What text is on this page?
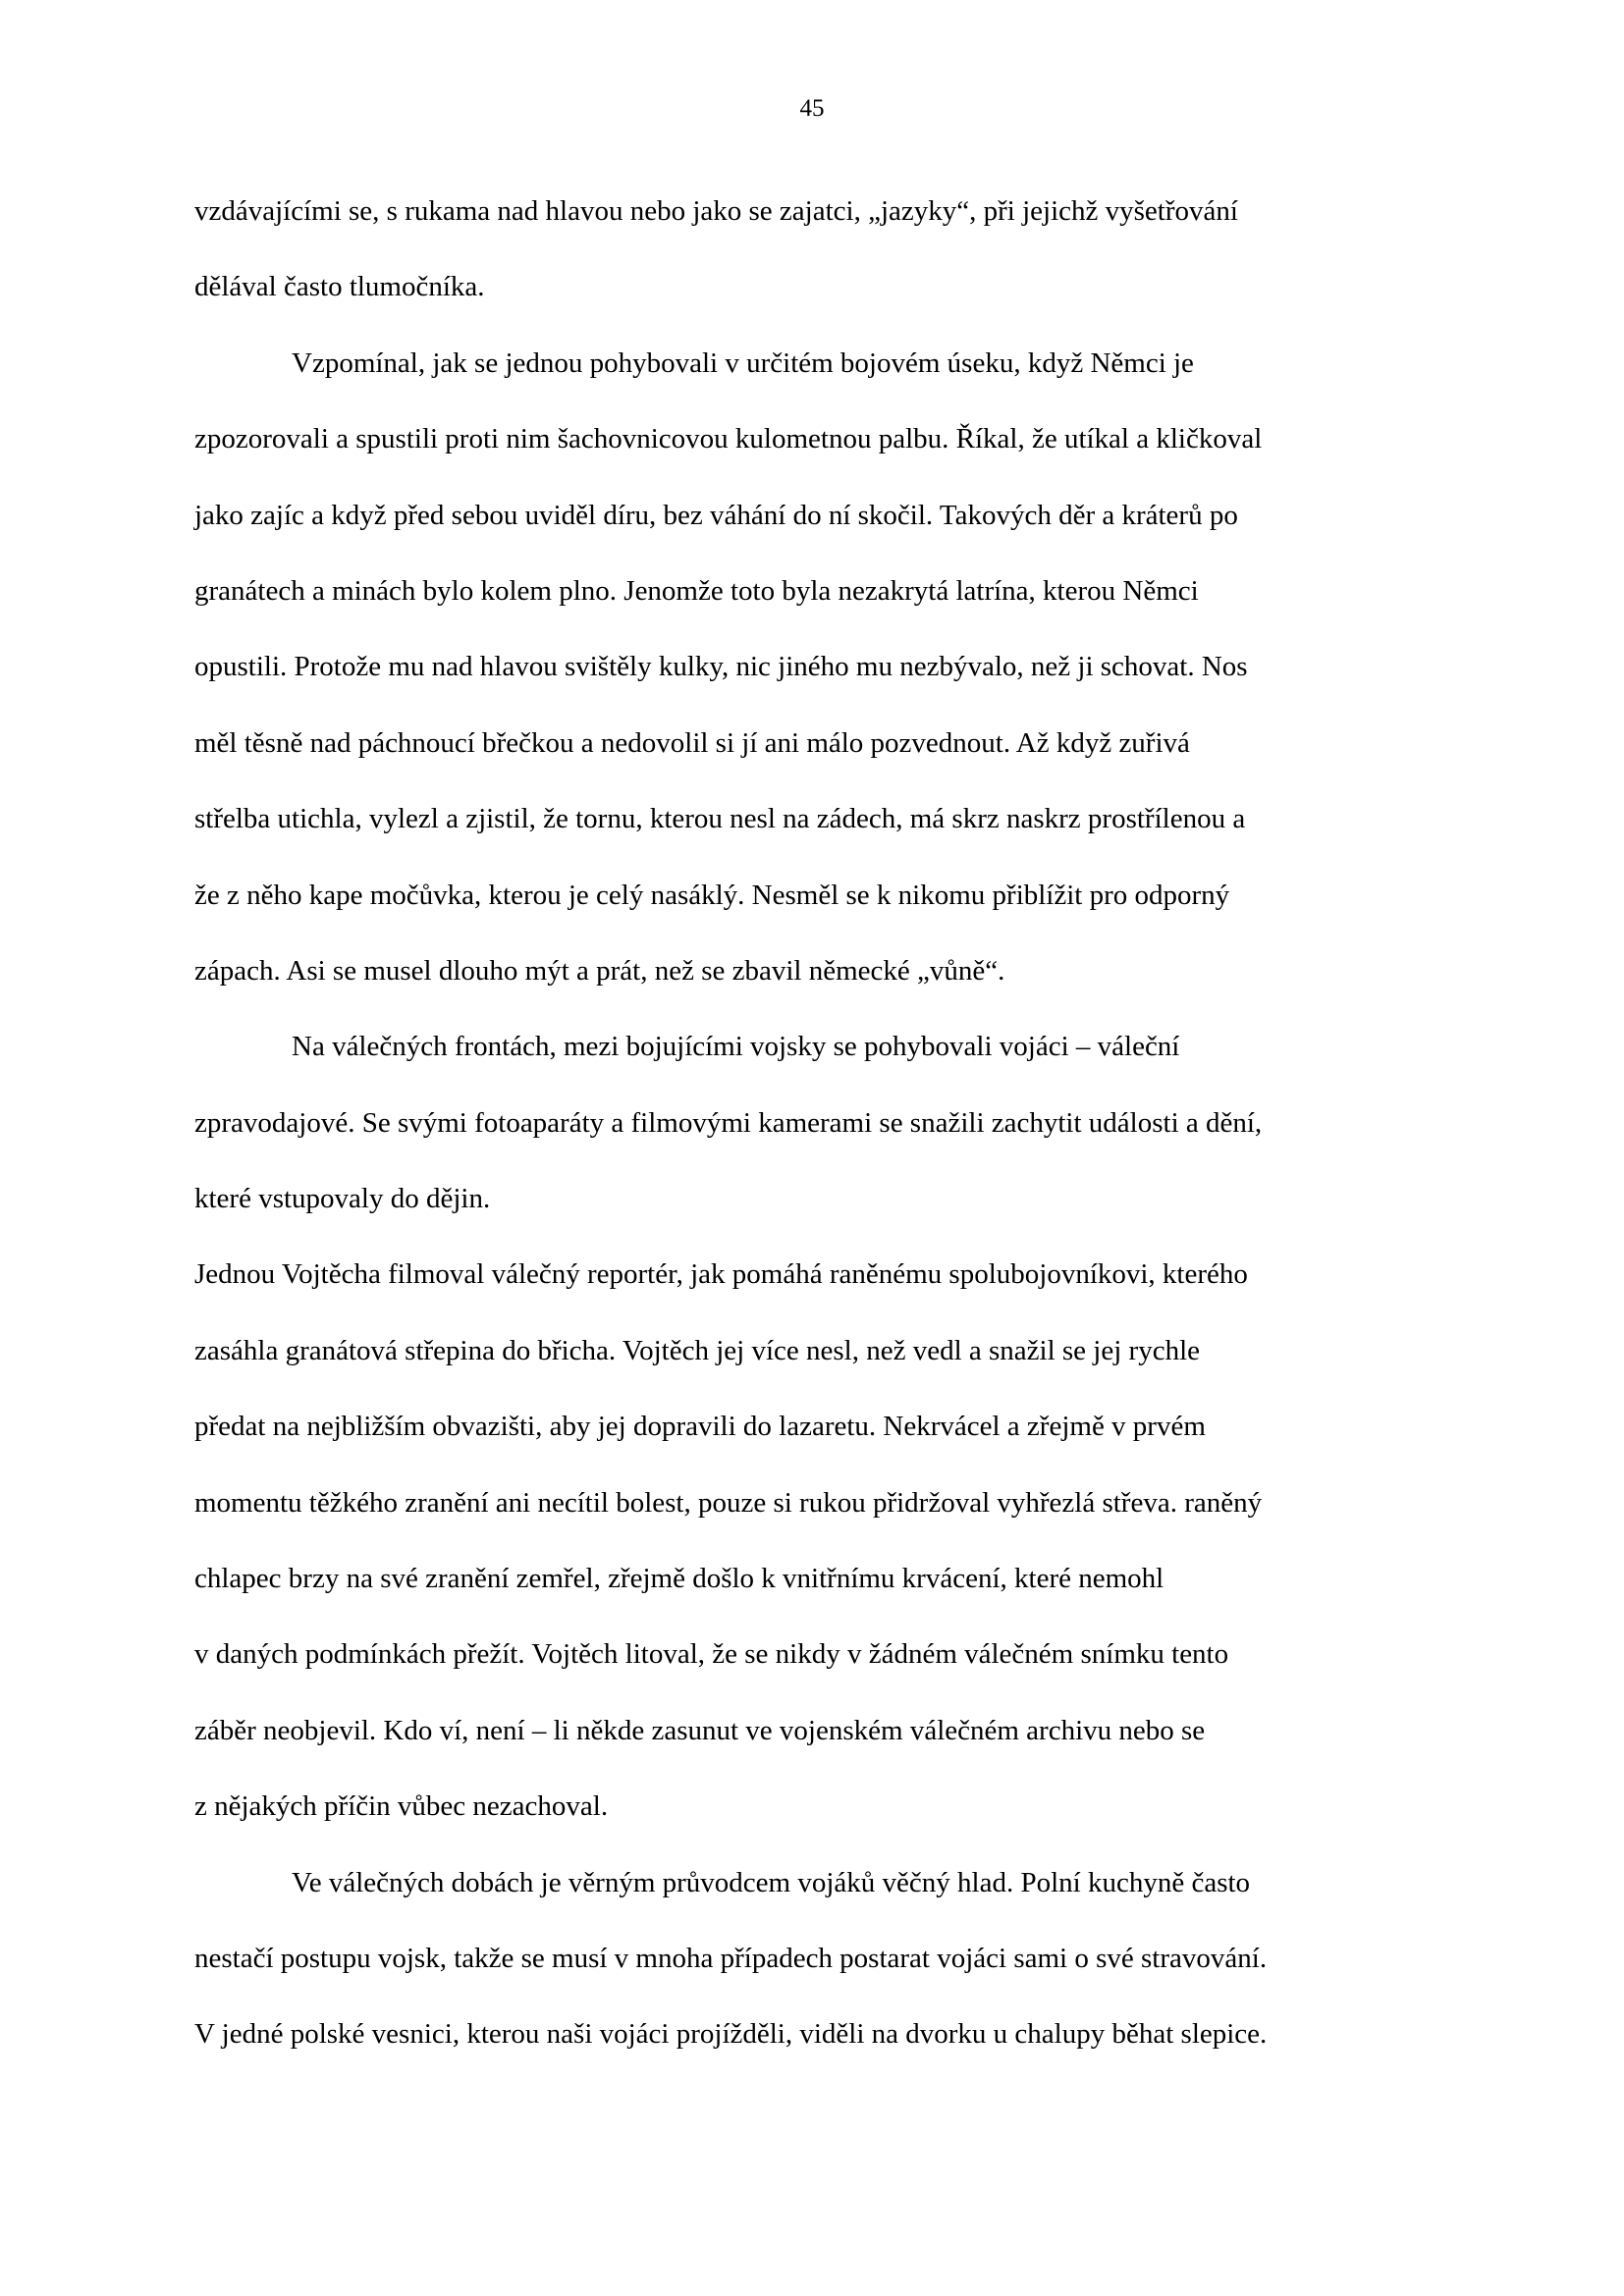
45

vzdávajícími se, s rukama nad hlavou nebo jako se zajatci, „jazyky“, při jejichž vyšetřování
dělával často tlumočníka.

Vzpomínal, jak se jednou pohybovali v určitém bojovém úseku, když Němci je
zpozorovali a spustili proti nim šachovnicovou kulometnou palbu. Říkal, že utíkal a kličkoval
jako zajíc a když před sebou uviděl díru, bez váhání do ní skočil. Takových děr a kráterů po
granátech a minách bylo kolem plno. Jenomže toto byla nezakrytá latrína, kterou Němci
opustili. Protože mu nad hlavou svištěly kulky, nic jiného mu nezbývalo, než ji schovat. Nos
měl těsně nad páchnoucí břečkou a nedovolil si jí ani málo pozvednout. Až když zuřivá
střelba utichla, vylezl a zjistil, že tornu, kterou nesl na zádech, má skrz naskrz prostřílenou a
že z něho kape močůvka, kterou je celý nasáklý. Nesměl se k nikomu přiblížit pro odporný
zápach. Asi se musel dlouho mýt a prát, než se zbavil německé „vůně“.

Na válečných frontách, mezi bojujícími vojsky se pohybovali vojáci – váleční
zpravodajové. Se svými fotoaparáty a filmovými kamerami se snažili zachytit události a dění,
které vstupovaly do dějin.

Jednou Vojtěcha filmoval válečný reportér, jak pomáhá raněnému spolubojovníkovi, kterého
zasáhla granátová střepina do břicha. Vojtěch jej více nesl, než vedl a snažil se jej rychle
předat na nejbližším obvazišti, aby jej dopravili do lazaretu. Nekrvácel a zřejmě v prvém
momentu těžkého zranění ani necítil bolest, pouze si rukou přidržoval vyhřezlá střeva. raněný
chlapec brzy na své zranění zemřel, zřejmě došlo k vnitřnímu krvácení, které nemohl
v daných podmínkách přežít. Vojtěch litoval, že se nikdy v žádném válečném snímku tento
záběr neobjevil. Kdo ví, není – li někde zasunut ve vojenském válečném archivu nebo se
z nějakých příčin vůbec nezachoval.

Ve válečných dobách je věrným průvodcem vojáků věčný hlad. Polní kuchyně často
nestačí postupu vojsk, takže se musí v mnoha případech postarat vojáci sami o své stravování.
V jedné polské vesnici, kterou naši vojáci projížděli, viděli na dvorku u chalupy běhat slepice.
